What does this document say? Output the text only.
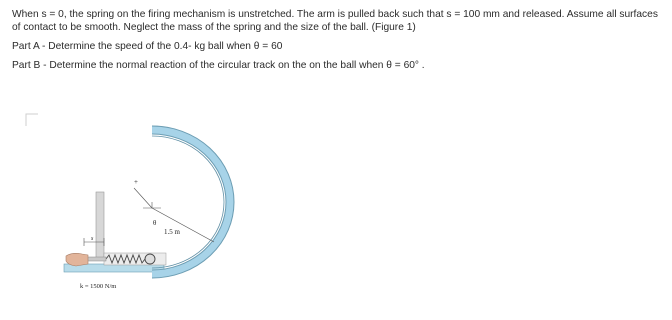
When s = 0, the spring on the firing mechanism is unstretched. The arm is pulled back such that s = 100 mm and released. Assume all surfaces of contact to be smooth. Neglect the mass of the spring and the size of the ball. (Figure 1)

Part A - Determine the speed of the 0.4- kg ball when θ = 60

Part B - Determine the normal reaction of the circular track on the on the ball when θ = 60° .

+
θ
1.5 m
s
k = 1500 N/m
